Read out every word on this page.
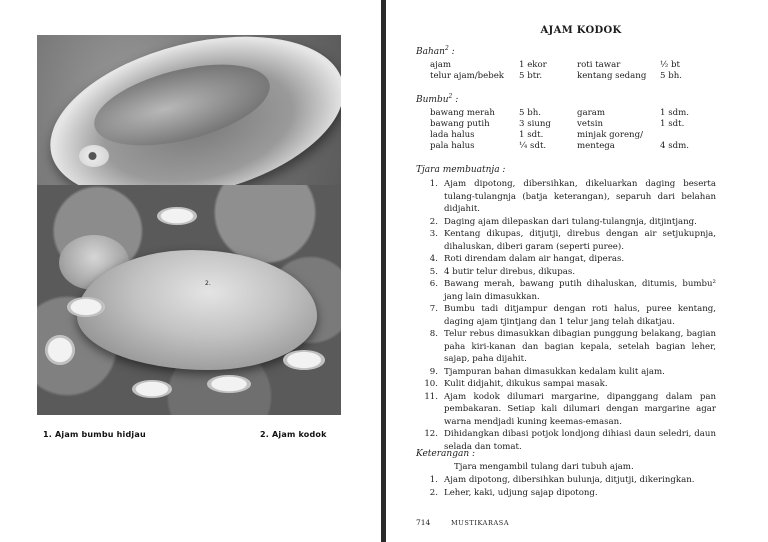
2.
1. Ajam bumbu hidjau	2. Ajam kodok
AJAM KODOK
Bahan$^2$ :
ajam	1 ekor	roti tawar	½ bt
telur ajam/bebek 5 btr.	kentang sedang 5 bh.
Bumbu$^2$ :
bawang merah	5 bh.	garam	1 sdm.
bawang putih	3 siung	vetsin	1 sdt.
lada halus	1 sdt.	minjak goreng/
pala halus	¼ sdt.	mentega	4 sdm.
Tjara membuatnja :
1. Ajam dipotong, dibersihkan, dikeluarkan daging beserta tulang-tulangnja (batja keterangan), separuh dari belahan didjahit.
2. Daging ajam dilepaskan dari tulang-tulangnja, ditjintjang.
3. Kentang dikupas, ditjutji, direbus dengan air setjukupnja, dihaluskan, diberi garam (seperti puree).
4. Roti direndam dalam air hangat, diperas.
5. 4 butir telur direbus, dikupas.
6. Bawang merah, bawang putih dihaluskan, ditumis, bumbu² jang lain dimasukkan.
7. Bumbu tadi ditjampur dengan roti halus, puree kentang, daging ajam tjintjang dan 1 telur jang telah dikatjau.
8. Telur rebus dimasukkan dibagian punggung belakang, bagian paha kiri-kanan dan bagian kepala, setelah bagian leher, sajap, paha dijahit.
9. Tjampuran bahan dimasukkan kedalam kulit ajam.
10. Kulit didjahit, dikukus sampai masak.
11. Ajam kodok dilumari margarine, dipanggang dalam pan pembakaran. Setiap kali dilumari dengan margarine agar warna mendjadi kuning keemas-emasan.
12. Dihidangkan dibasi potjok londjong dihiasi daun seledri, daun selada dan tomat.
Keterangan :
Tjara mengambil tulang dari tubuh ajam.
1. Ajam dipotong, dibersihkan bulunja, ditjutji, dikeringkan.
2. Leher, kaki, udjung sajap dipotong.
714	MUSTIKARASA
